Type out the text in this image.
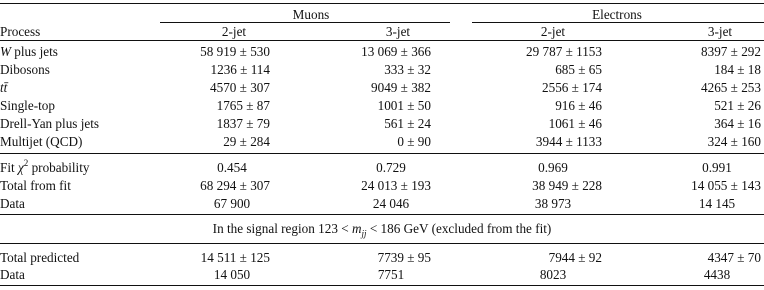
Muons	Electrons
Process	2-jet	3-jet	2-jet	3-jet
W plus jets	58 919 ± 530	13 069 ± 366	29 787 ± 1153	8397 ± 292
Dibosons	1236 ± 114	333 ± 32	685 ± 65	184 ± 18
tt̄	4570 ± 307	9049 ± 382	2556 ± 174	4265 ± 253
Single-top	1765 ± 87	1001 ± 50	916 ± 46	521 ± 26
Drell-Yan plus jets	1837 ± 79	561 ± 24	1061 ± 46	364 ± 16
Multijet (QCD)	29 ± 284	0 ± 90	3944 ± 1133	324 ± 160
Fit $\chi^2$ probability	0.454	0.729	0.969	0.991
Total from fit	68 294 ± 307	24 013 ± 193	38 949 ± 228	14 055 ± 143
Data	67 900	24 046	38 973	14 145
In the signal region $123 < m_{jj} < 186$ GeV (excluded from the fit)
Total predicted	14 511 ± 125	7739 ± 95	7944 ± 92	4347 ± 70
Data	14 050	7751	8023	4438
